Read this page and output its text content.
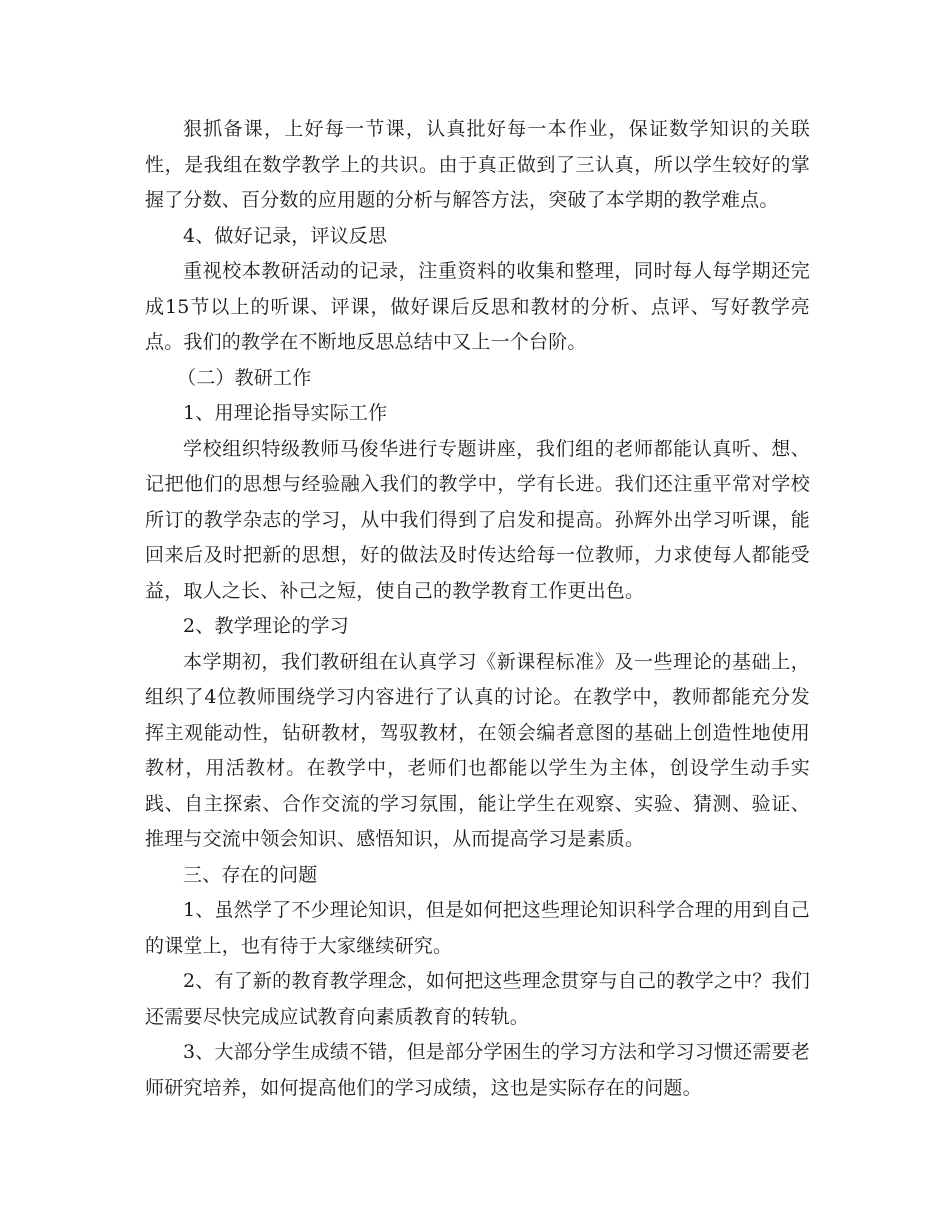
狠抓备课，上好每一节课，认真批好每一本作业，保证数学知识的关联性，是我组在数学教学上的共识。由于真正做到了三认真，所以学生较好的掌握了分数、百分数的应用题的分析与解答方法，突破了本学期的教学难点。

4、做好记录，评议反思

重视校本教研活动的记录，注重资料的收集和整理，同时每人每学期还完成15节以上的听课、评课，做好课后反思和教材的分析、点评、写好教学亮点。我们的教学在不断地反思总结中又上一个台阶。

（二）教研工作

1、用理论指导实际工作

学校组织特级教师马俊华进行专题讲座，我们组的老师都能认真听、想、记把他们的思想与经验融入我们的教学中，学有长进。我们还注重平常对学校所订的教学杂志的学习，从中我们得到了启发和提高。孙辉外出学习听课，能回来后及时把新的思想，好的做法及时传达给每一位教师，力求使每人都能受益，取人之长、补己之短，使自己的教学教育工作更出色。

2、教学理论的学习

本学期初，我们教研组在认真学习《新课程标准》及一些理论的基础上，组织了4位教师围绕学习内容进行了认真的讨论。在教学中，教师都能充分发挥主观能动性，钻研教材，驾驭教材，在领会编者意图的基础上创造性地使用教材，用活教材。在教学中，老师们也都能以学生为主体，创设学生动手实践、自主探索、合作交流的学习氛围，能让学生在观察、实验、猜测、验证、推理与交流中领会知识、感悟知识，从而提高学习是素质。

三、存在的问题

1、虽然学了不少理论知识，但是如何把这些理论知识科学合理的用到自己的课堂上，也有待于大家继续研究。

2、有了新的教育教学理念，如何把这些理念贯穿与自己的教学之中？我们还需要尽快完成应试教育向素质教育的转轨。

3、大部分学生成绩不错，但是部分学困生的学习方法和学习习惯还需要老师研究培养，如何提高他们的学习成绩，这也是实际存在的问题。
